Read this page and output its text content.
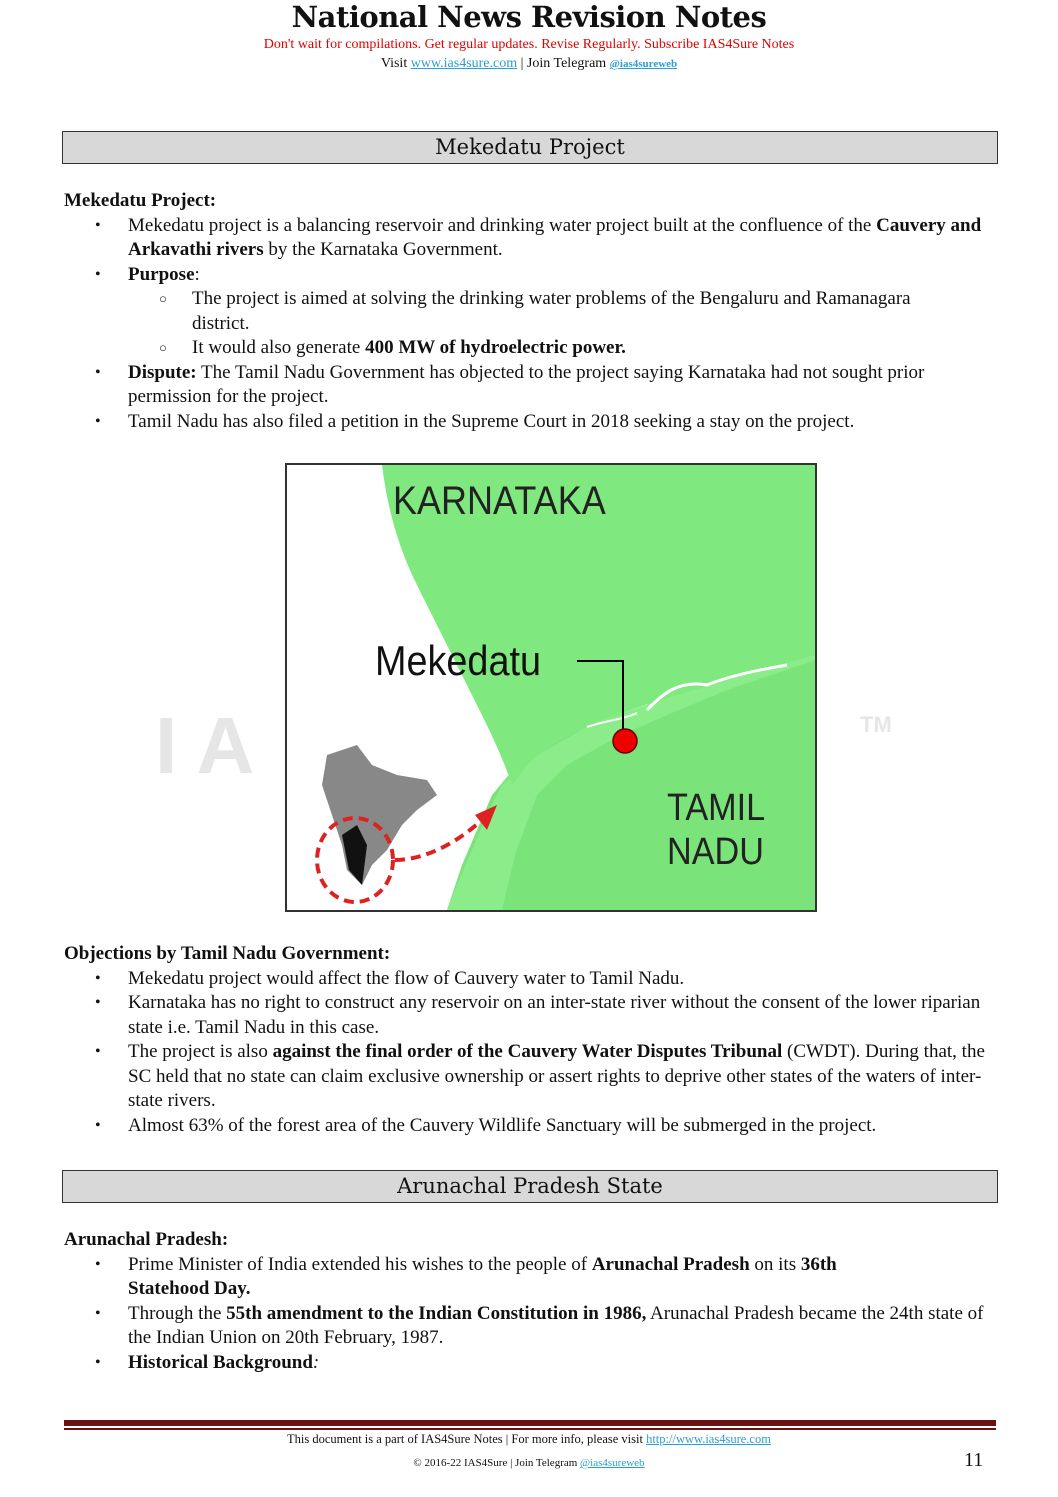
National News Revision Notes
Don't wait for compilations. Get regular updates. Revise Regularly. Subscribe IAS4Sure Notes
Visit www.ias4sure.com | Join Telegram @ias4sureweb
Mekedatu Project
Mekedatu Project:
• Mekedatu project is a balancing reservoir and drinking water project built at the confluence of the Cauvery and Arkavathi rivers by the Karnataka Government.
• Purpose:
○ The project is aimed at solving the drinking water problems of the Bengaluru and Ramanagara district.
○ It would also generate 400 MW of hydroelectric power.
• Dispute: The Tamil Nadu Government has objected to the project saying Karnataka had not sought prior permission for the project.
• Tamil Nadu has also filed a petition in the Supreme Court in 2018 seeking a stay on the project.
I A	TM
KARNATAKA
Mekedatu
TAMIL
NADU
Objections by Tamil Nadu Government:
• Mekedatu project would affect the flow of Cauvery water to Tamil Nadu.
• Karnataka has no right to construct any reservoir on an inter-state river without the consent of the lower riparian state i.e. Tamil Nadu in this case.
• The project is also against the final order of the Cauvery Water Disputes Tribunal (CWDT). During that, the SC held that no state can claim exclusive ownership or assert rights to deprive other states of the waters of inter-state rivers.
• Almost 63% of the forest area of the Cauvery Wildlife Sanctuary will be submerged in the project.
Arunachal Pradesh State
Arunachal Pradesh:
• Prime Minister of India extended his wishes to the people of Arunachal Pradesh on its 36th Statehood Day.
• Through the 55th amendment to the Indian Constitution in 1986, Arunachal Pradesh became the 24th state of the Indian Union on 20th February, 1987.
• Historical Background:
This document is a part of IAS4Sure Notes | For more info, please visit http://www.ias4sure.com
© 2016-22 IAS4Sure | Join Telegram @ias4sureweb	11
